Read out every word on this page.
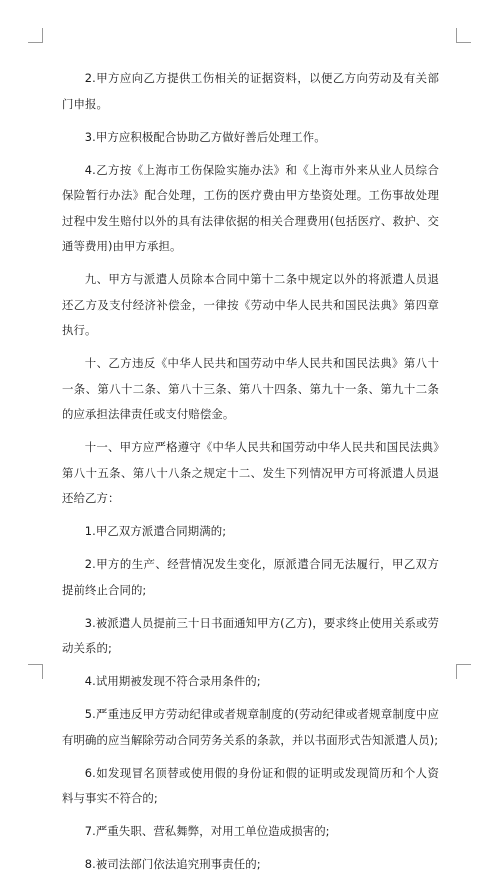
2.甲方应向乙方提供工伤相关的证据资料，以便乙方向劳动及有关部门申报。

3.甲方应积极配合协助乙方做好善后处理工作。

4.乙方按《上海市工伤保险实施办法》和《上海市外来从业人员综合保险暂行办法》配合处理，工伤的医疗费由甲方垫资处理。工伤事故处理过程中发生赔付以外的具有法律依据的相关合理费用(包括医疗、救护、交通等费用)由甲方承担。

九、甲方与派遣人员除本合同中第十二条中规定以外的将派遣人员退还乙方及支付经济补偿金，一律按《劳动中华人民共和国民法典》第四章执行。

十、乙方违反《中华人民共和国劳动中华人民共和国民法典》第八十一条、第八十二条、第八十三条、第八十四条、第九十一条、第九十二条的应承担法律责任或支付赔偿金。

十一、甲方应严格遵守《中华人民共和国劳动中华人民共和国民法典》第八十五条、第八十八条之规定十二、发生下列情况甲方可将派遣人员退还给乙方：

1.甲乙双方派遣合同期满的;

2.甲方的生产、经营情况发生变化，原派遣合同无法履行，甲乙双方提前终止合同的;

3.被派遣人员提前三十日书面通知甲方(乙方)，要求终止使用关系或劳动关系的;

4.试用期被发现不符合录用条件的;

5.严重违反甲方劳动纪律或者规章制度的(劳动纪律或者规章制度中应有明确的应当解除劳动合同劳务关系的条款，并以书面形式告知派遣人员);

6.如发现冒名顶替或使用假的身份证和假的证明或发现简历和个人资料与事实不符合的;

7.严重失职、营私舞弊，对用工单位造成损害的;

8.被司法部门依法追究刑事责任的;
